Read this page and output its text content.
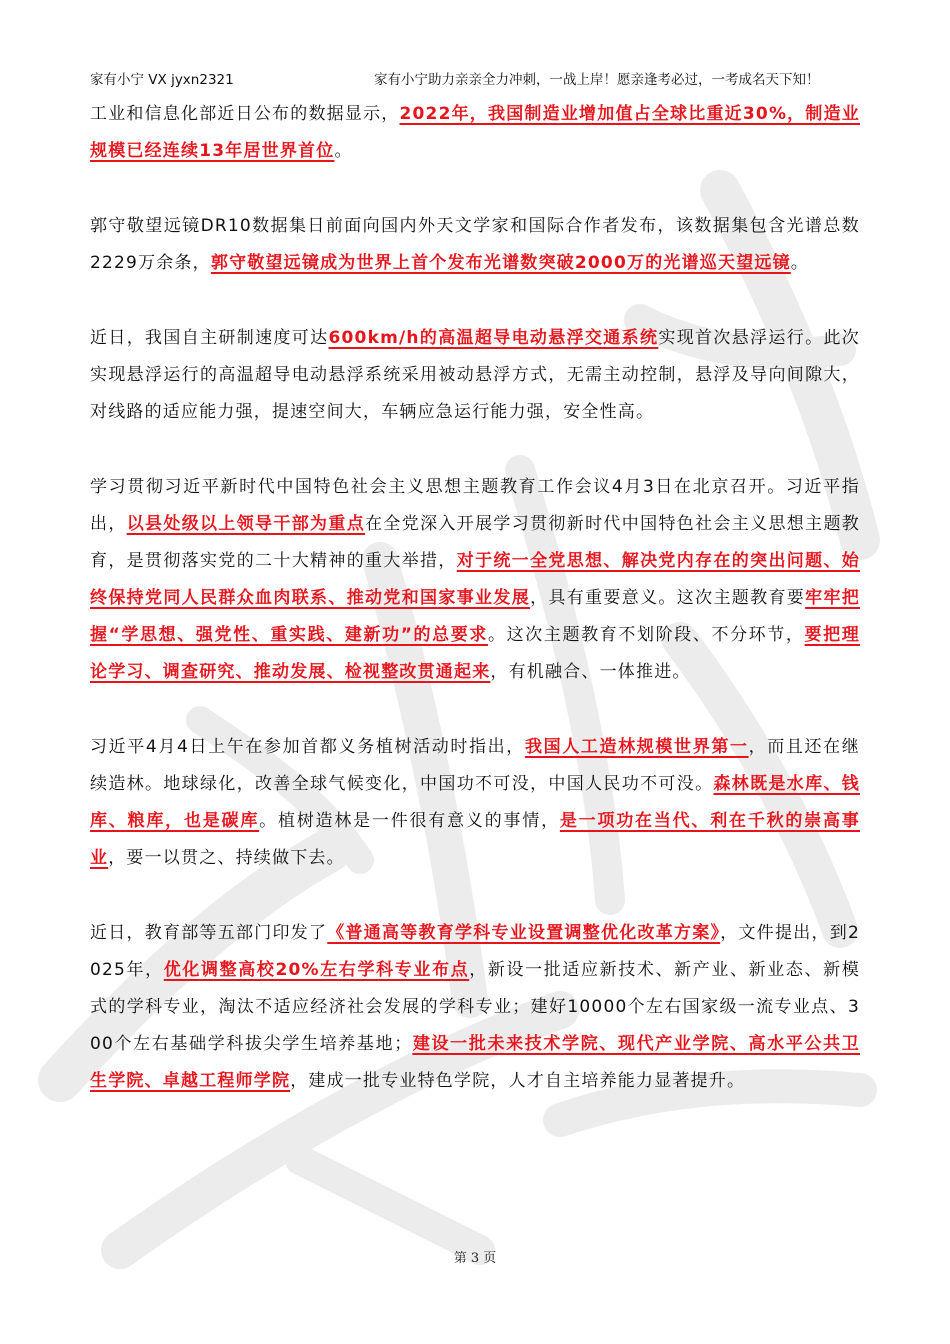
家有小宁 VX jyxn2321	家有小宁助力亲亲全力冲刺，一战上岸！愿亲逢考必过，一考成名天下知！

工业和信息化部近日公布的数据显示，2022年，我国制造业增加值占全球比重近30%，制造业规模已经连续13年居世界首位。

郭守敬望远镜DR10数据集日前面向国内外天文学家和国际合作者发布，该数据集包含光谱总数2229万余条，郭守敬望远镜成为世界上首个发布光谱数突破2000万的光谱巡天望远镜。

近日，我国自主研制速度可达600km/h的高温超导电动悬浮交通系统实现首次悬浮运行。此次实现悬浮运行的高温超导电动悬浮系统采用被动悬浮方式，无需主动控制，悬浮及导向间隙大，对线路的适应能力强，提速空间大，车辆应急运行能力强，安全性高。

学习贯彻习近平新时代中国特色社会主义思想主题教育工作会议4月3日在北京召开。习近平指出，以县处级以上领导干部为重点在全党深入开展学习贯彻新时代中国特色社会主义思想主题教育，是贯彻落实党的二十大精神的重大举措，对于统一全党思想、解决党内存在的突出问题、始终保持党同人民群众血肉联系、推动党和国家事业发展，具有重要意义。这次主题教育要牢牢把握“学思想、强党性、重实践、建新功”的总要求。这次主题教育不划阶段、不分环节，要把理论学习、调查研究、推动发展、检视整改贯通起来，有机融合、一体推进。

习近平4月4日上午在参加首都义务植树活动时指出，我国人工造林规模世界第一，而且还在继续造林。地球绿化，改善全球气候变化，中国功不可没，中国人民功不可没。森林既是水库、钱库、粮库，也是碳库。植树造林是一件很有意义的事情，是一项功在当代、利在千秋的崇高事业，要一以贯之、持续做下去。

近日，教育部等五部门印发了《普通高等教育学科专业设置调整优化改革方案》，文件提出，到2025年，优化调整高校20%左右学科专业布点，新设一批适应新技术、新产业、新业态、新模式的学科专业，淘汰不适应经济社会发展的学科专业；建好10000个左右国家级一流专业点、300个左右基础学科拔尖学生培养基地；建设一批未来技术学院、现代产业学院、高水平公共卫生学院、卓越工程师学院，建成一批专业特色学院，人才自主培养能力显著提升。

第 3 页
